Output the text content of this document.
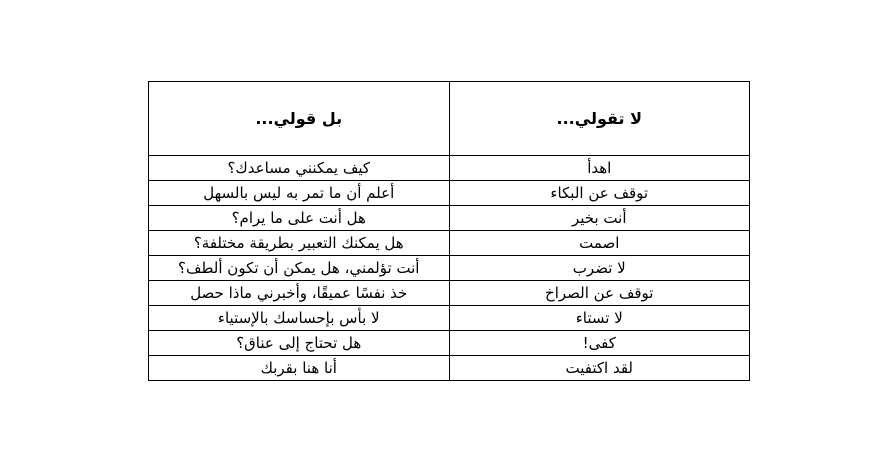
لا تقولي...	بل قولي...
اهدأ	كيف يمكنني مساعدك؟
توقف عن البكاء	أعلم أن ما تمر به ليس بالسهل
أنت بخير	هل أنت على ما يرام؟
اصمت	هل يمكنك التعبير بطريقة مختلفة؟
لا تضرب	أنت تؤلمني، هل يمكن أن تكون ألطف؟
توقف عن الصراخ	خذ نفسًا عميقًا، وأخبرني ماذا حصل
لا تستاء	لا بأس بإحساسك بالإستياء
كفى!	هل تحتاج إلى عناق؟
لقد اكتفيت	أنا هنا بقربك
